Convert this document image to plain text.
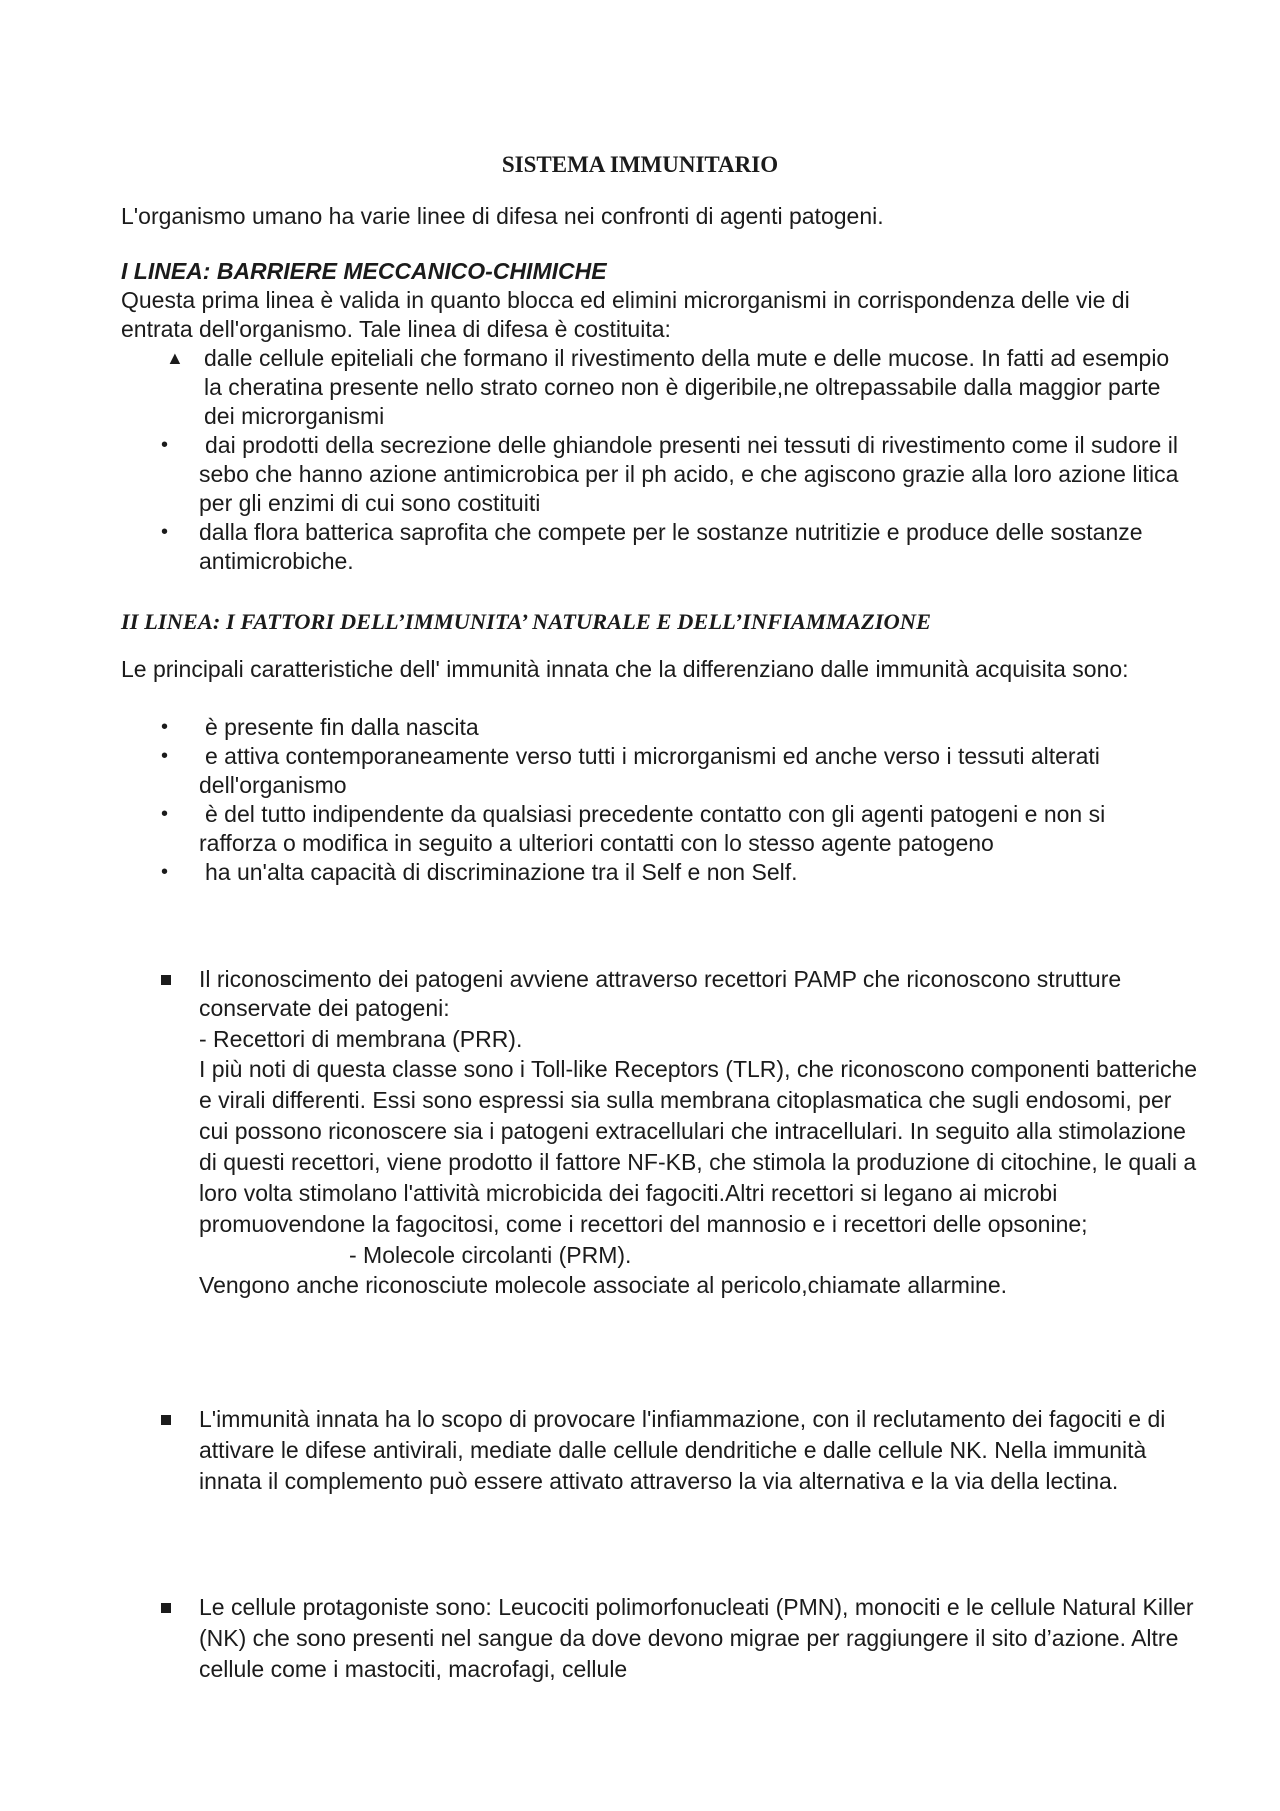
SISTEMA IMMUNITARIO

L'organismo umano ha varie linee di difesa nei confronti di agenti patogeni.

I LINEA: BARRIERE MECCANICO-CHIMICHE

Questa prima linea è valida in quanto blocca ed elimini microrganismi in corrispondenza delle vie di entrata dell'organismo. Tale linea di difesa è costituita:

▲ dalle cellule epiteliali che formano il rivestimento della mute e delle mucose. In fatti ad esempio la cheratina presente nello strato corneo non è digeribile,ne oltrepassabile dalla maggior parte dei microrganismi
• dai prodotti della secrezione delle ghiandole presenti nei tessuti di rivestimento come il sudore il sebo che hanno azione antimicrobica per il ph acido, e che agiscono grazie alla loro azione litica per gli enzimi di cui sono costituiti
• dalla flora batterica saprofita che compete per le sostanze nutritizie e produce delle sostanze antimicrobiche.

II LINEA: I FATTORI DELL’IMMUNITA’ NATURALE E DELL’INFIAMMAZIONE

Le principali caratteristiche dell' immunità innata che la differenziano dalle immunità acquisita sono:

• è presente fin dalla nascita
• e attiva contemporaneamente verso tutti i microrganismi ed anche verso i tessuti alterati dell'organismo
• è del tutto indipendente da qualsiasi precedente contatto con gli agenti patogeni e non si rafforza o modifica in seguito a ulteriori contatti con lo stesso agente patogeno
• ha un'alta capacità di discriminazione tra il Self e non Self.

Il riconoscimento dei patogeni avviene attraverso recettori PAMP che riconoscono strutture conservate dei patogeni:

- Recettori di membrana (PRR).

I più noti di questa classe sono i Toll-like Receptors (TLR), che riconoscono componenti batteriche e virali differenti. Essi sono espressi sia sulla membrana citoplasmatica che sugli endosomi, per cui possono riconoscere sia i patogeni extracellulari che intracellulari. In seguito alla stimolazione di questi recettori, viene prodotto il fattore NF-KB, che stimola la produzione di citochine, le quali a loro volta stimolano l'attività microbicida dei fagociti.Altri recettori si legano ai microbi promuovendone la fagocitosi, come i recettori del mannosio e i recettori delle opsonine;- Molecole circolanti (PRM).

Vengono anche riconosciute molecole associate al pericolo,chiamate allarmine.

L'immunità innata ha lo scopo di provocare l'infiammazione, con il reclutamento dei fagociti e di attivare le difese antivirali, mediate dalle cellule dendritiche e dalle cellule NK. Nella immunità innata il complemento può essere attivato attraverso la via alternativa e la via della lectina.

Le cellule protagoniste sono: Leucociti polimorfonucleati (PMN), monociti e le cellule Natural Killer (NK) che sono presenti nel sangue da dove devono migrae per raggiungere il sito d’azione. Altre cellule come i mastociti, macrofagi, cellule
